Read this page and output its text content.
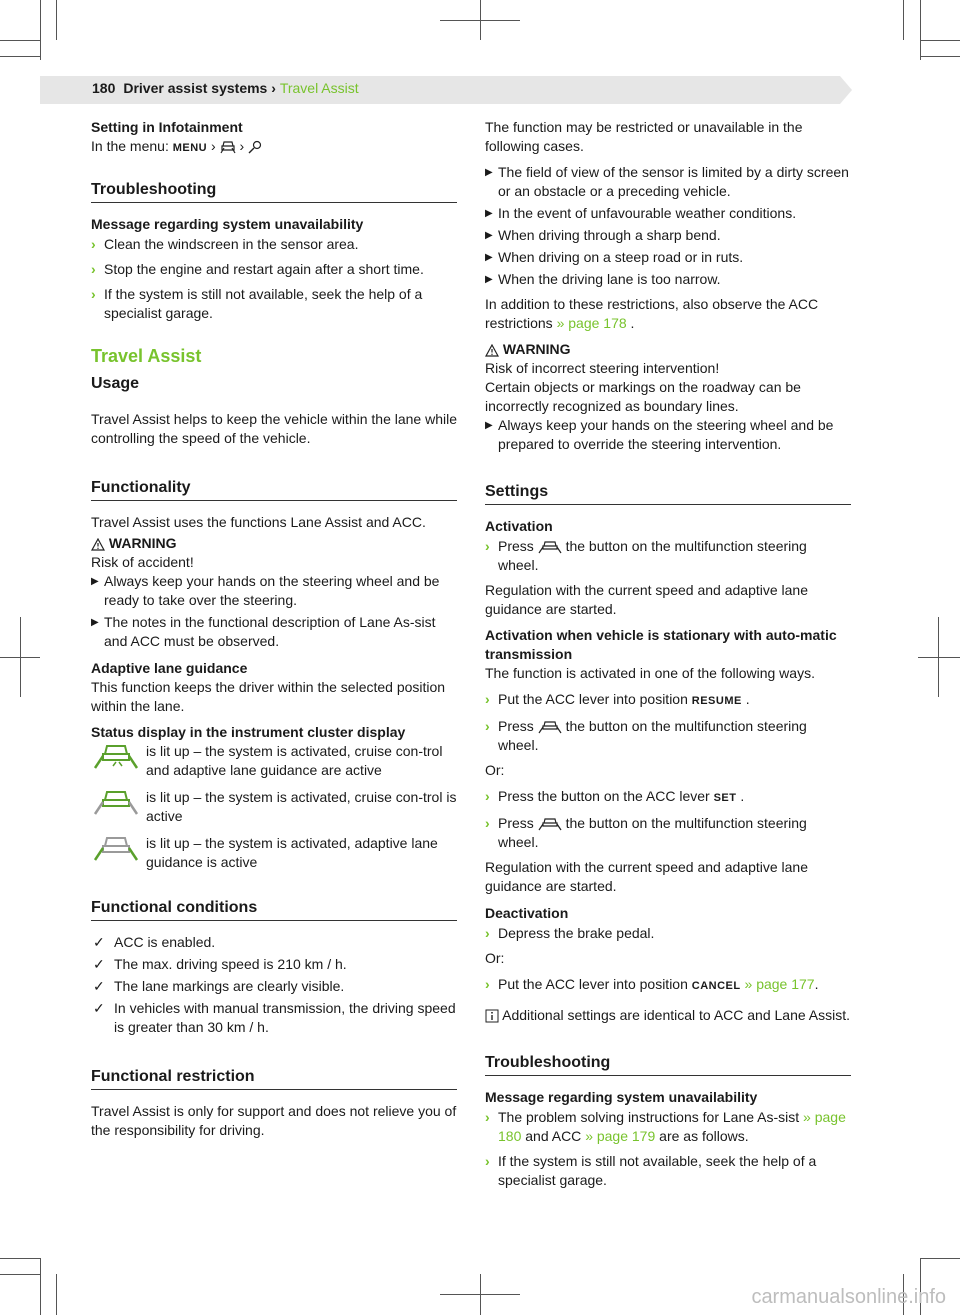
180 Driver assist systems › Travel Assist

Setting in Infotainment
In the menu: MENU › ›

Troubleshooting

Message regarding system unavailability

› Clean the windscreen in the sensor area.
› Stop the engine and restart again after a short time.
› If the system is still not available, seek the help of a specialist garage.
Travel Assist
Usage

Travel Assist helps to keep the vehicle within the lane while controlling the speed of the vehicle.

Functionality

Travel Assist uses the functions Lane Assist and ACC.

WARNING
Risk of accident!
▶ Always keep your hands on the steering wheel and be ready to take over the steering.
▶ The notes in the functional description of Lane As-sist and ACC must be observed.

Adaptive lane guidance
This function keeps the driver within the selected position within the lane.

Status display in the instrument cluster display

is lit up – the system is activated, cruise con-trol and adaptive lane guidance are active
is lit up – the system is activated, cruise con-trol is active
is lit up – the system is activated, adaptive lane guidance is active
Functional conditions
✓ ACC is enabled.
✓ The max. driving speed is 210 km / h.
✓ The lane markings are clearly visible.
✓ In vehicles with manual transmission, the driving speed is greater than 30 km / h.
Functional restriction

Travel Assist is only for support and does not relieve you of the responsibility for driving.

The function may be restricted or unavailable in the following cases.

▶ The field of view of the sensor is limited by a dirty screen or an obstacle or a preceding vehicle.
▶ In the event of unfavourable weather conditions.
▶ When driving through a sharp bend.
▶ When driving on a steep road or in ruts.
▶ When the driving lane is too narrow.

In addition to these restrictions, also observe the ACC restrictions » page 178 .

WARNING
Risk of incorrect steering intervention!
Certain objects or markings on the roadway can be incorrectly recognized as boundary lines.
▶ Always keep your hands on the steering wheel and be prepared to override the steering intervention.
Settings

Activation

› Press the button on the multifunction steering wheel.

Regulation with the current speed and adaptive lane guidance are started.

Activation when vehicle is stationary with auto-matic transmission
The function is activated in one of the following ways.

› Put the ACC lever into position RESUME .
› Press the button on the multifunction steering wheel.

Or:

› Press the button on the ACC lever SET .
› Press the button on the multifunction steering wheel.

Regulation with the current speed and adaptive lane guidance are started.

Deactivation

› Depress the brake pedal.

Or:

› Put the ACC lever into position CANCEL » page 177.

Additional settings are identical to ACC and Lane Assist.

Troubleshooting

Message regarding system unavailability

› The problem solving instructions for Lane As-sist » page 180 and ACC » page 179 are as follows.
› If the system is still not available, seek the help of a specialist garage.
carmanualsonline.info
